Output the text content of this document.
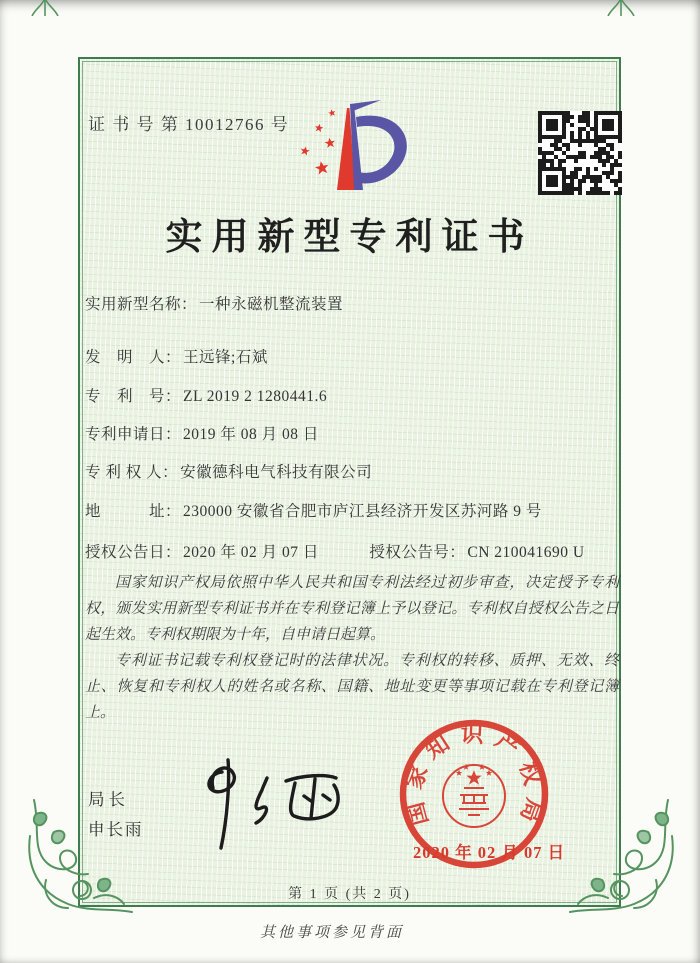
证 书 号 第 10012766 号
实用新型专利证书
实用新型名称： 一种永磁机整流装置
发　明　人： 王远锋;石斌
专　利　号： ZL 2019 2 1280441.6
专利申请日： 2019 年 08 月 08 日
专 利 权 人： 安徽德科电气科技有限公司
地　　　址： 230000 安徽省合肥市庐江县经济开发区苏河路 9 号
授权公告日： 2020 年 02 月 07 日	授权公告号： CN 210041690 U

国家知识产权局依照中华人民共和国专利法经过初步审查，决定授予专利权，颁发实用新型专利证书并在专利登记簿上予以登记。专利权自授权公告之日起生效。专利权期限为十年，自申请日起算。

专利证书记载专利权登记时的法律状况。专利权的转移、质押、无效、终止、恢复和专利权人的姓名或名称、国籍、地址变更等事项记载在专利登记簿上。

局长
申长雨
国家知识产权局
2020 年 02 月 07 日
第 1 页 (共 2 页)
其他事项参见背面
